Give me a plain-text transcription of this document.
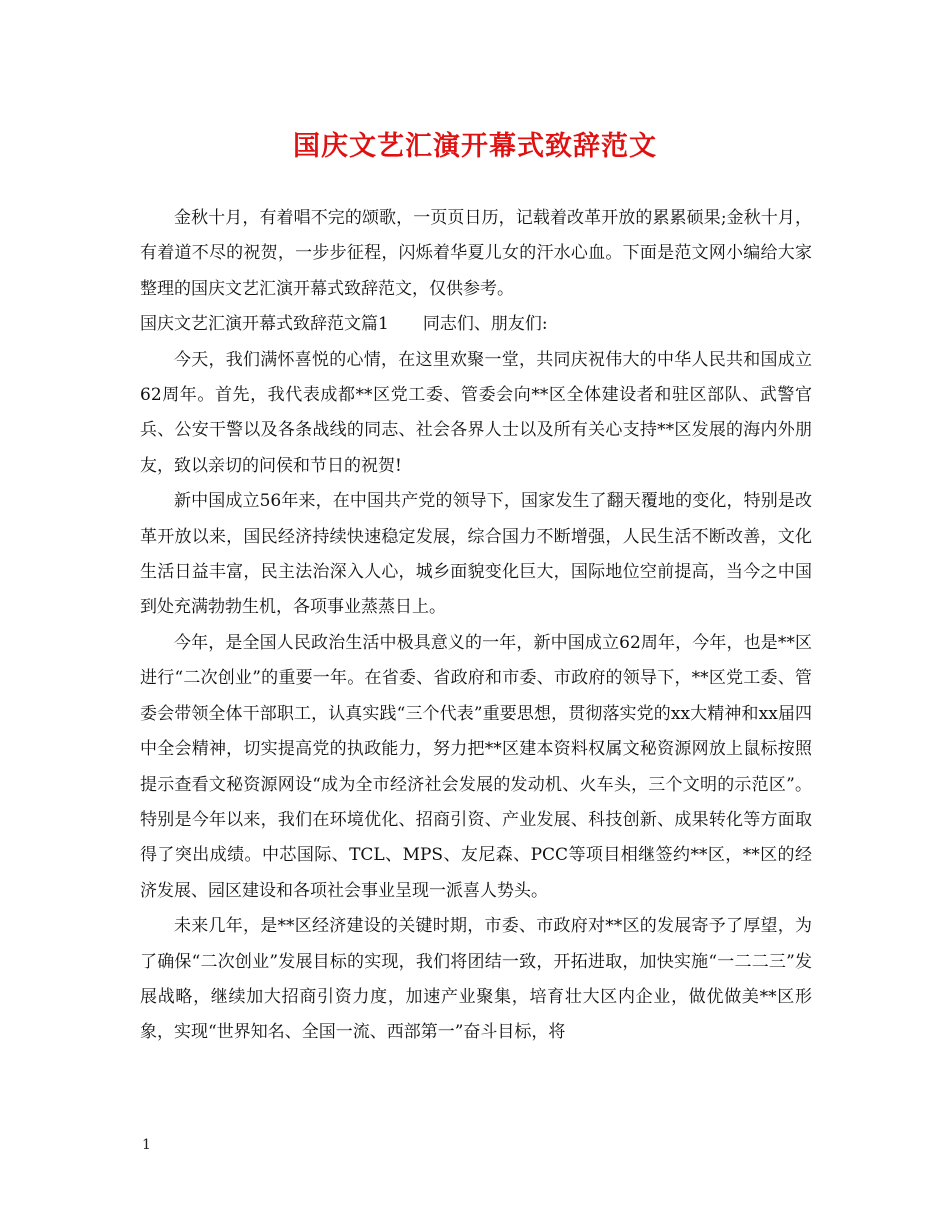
国庆文艺汇演开幕式致辞范文

金秋十月，有着唱不完的颂歌，一页页日历，记载着改革开放的累累硕果;金秋十月，有着道不尽的祝贺，一步步征程，闪烁着华夏儿女的汗水心血。下面是范文网小编给大家整理的国庆文艺汇演开幕式致辞范文，仅供参考。

国庆文艺汇演开幕式致辞范文篇1 同志们、朋友们:

今天，我们满怀喜悦的心情，在这里欢聚一堂，共同庆祝伟大的中华人民共和国成立62周年。首先，我代表成都**区党工委、管委会向**区全体建设者和驻区部队、武警官兵、公安干警以及各条战线的同志、社会各界人士以及所有关心支持**区发展的海内外朋友，致以亲切的问侯和节日的祝贺!

新中国成立56年来，在中国共产党的领导下，国家发生了翻天覆地的变化，特别是改革开放以来，国民经济持续快速稳定发展，综合国力不断增强，人民生活不断改善，文化生活日益丰富，民主法治深入人心，城乡面貌变化巨大，国际地位空前提高，当今之中国到处充满勃勃生机，各项事业蒸蒸日上。

今年，是全国人民政治生活中极具意义的一年，新中国成立62周年，今年，也是**区进行“二次创业”的重要一年。在省委、省政府和市委、市政府的领导下，**区党工委、管委会带领全体干部职工，认真实践“三个代表”重要思想，贯彻落实党的xx大精神和xx届四中全会精神，切实提高党的执政能力，努力把**区建本资料权属文秘资源网放上鼠标按照提示查看文秘资源网设“成为全市经济社会发展的发动机、火车头，三个文明的示范区”。特别是今年以来，我们在环境优化、招商引资、产业发展、科技创新、成果转化等方面取得了突出成绩。中芯国际、TCL、MPS、友尼森、PCC等项目相继签约**区，**区的经济发展、园区建设和各项社会事业呈现一派喜人势头。

未来几年，是**区经济建设的关键时期，市委、市政府对**区的发展寄予了厚望，为了确保“二次创业”发展目标的实现，我们将团结一致，开拓进取，加快实施“一二二三”发展战略，继续加大招商引资力度，加速产业聚集，培育壮大区内企业，做优做美**区形象，实现“世界知名、全国一流、西部第一”奋斗目标，将

1
